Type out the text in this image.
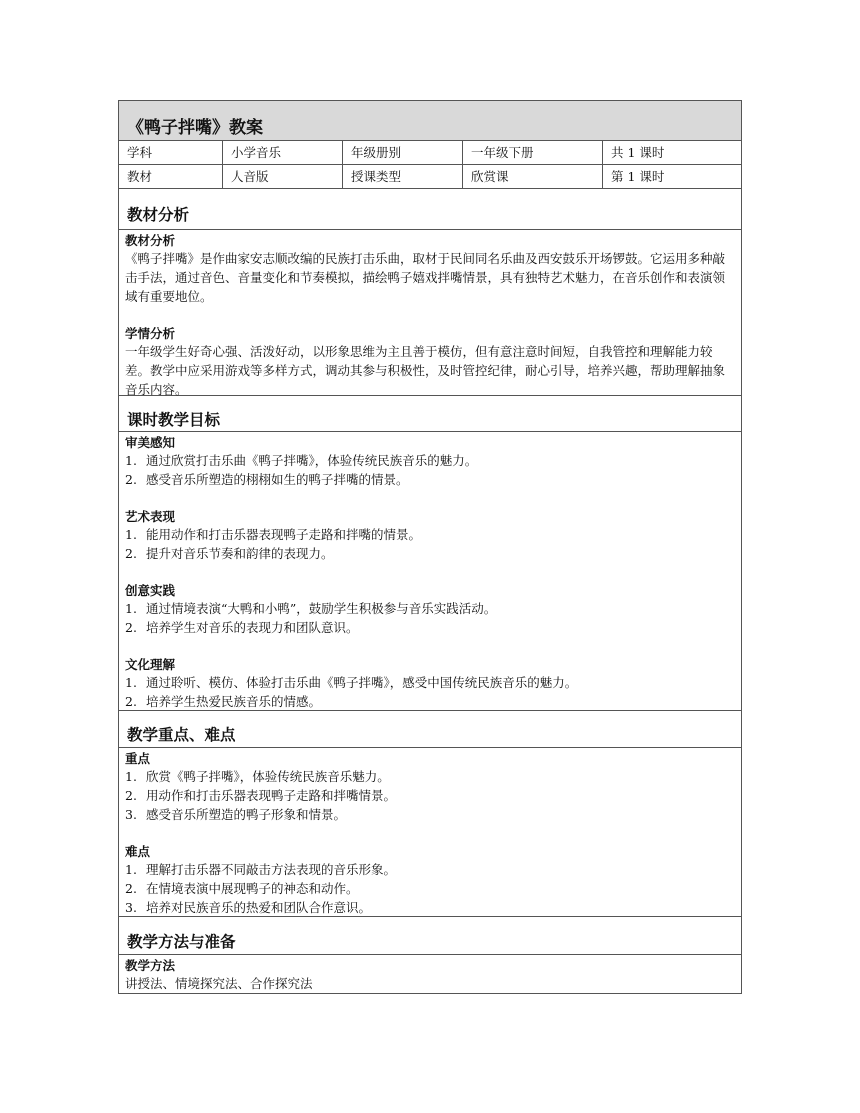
《鸭子拌嘴》教案
学科	小学音乐	年级册别	一年级下册	共 1 课时
教材	人音版	授课类型	欣赏课	第 1 课时
教材分析
教材分析

《鸭子拌嘴》是作曲家安志顺改编的民族打击乐曲，取材于民间同名乐曲及西安鼓乐开场锣鼓。它运用多种敲击手法，通过音色、音量变化和节奏模拟，描绘鸭子嬉戏拌嘴情景，具有独特艺术魅力，在音乐创作和表演领域有重要地位。

学情分析

一年级学生好奇心强、活泼好动，以形象思维为主且善于模仿，但有意注意时间短，自我管控和理解能力较差。教学中应采用游戏等多样方式，调动其参与积极性，及时管控纪律，耐心引导，培养兴趣，帮助理解抽象音乐内容。

课时教学目标
审美感知
1. 通过欣赏打击乐曲《鸭子拌嘴》，体验传统民族音乐的魅力。
2. 感受音乐所塑造的栩栩如生的鸭子拌嘴的情景。
艺术表现
1. 能用动作和打击乐器表现鸭子走路和拌嘴的情景。
2. 提升对音乐节奏和韵律的表现力。
创意实践
1. 通过情境表演“大鸭和小鸭”，鼓励学生积极参与音乐实践活动。
2. 培养学生对音乐的表现力和团队意识。
文化理解
1. 通过聆听、模仿、体验打击乐曲《鸭子拌嘴》，感受中国传统民族音乐的魅力。
2. 培养学生热爱民族音乐的情感。
教学重点、难点
重点
1. 欣赏《鸭子拌嘴》，体验传统民族音乐魅力。
2. 用动作和打击乐器表现鸭子走路和拌嘴情景。
3. 感受音乐所塑造的鸭子形象和情景。
难点
1. 理解打击乐器不同敲击方法表现的音乐形象。
2. 在情境表演中展现鸭子的神态和动作。
3. 培养对民族音乐的热爱和团队合作意识。
教学方法与准备
教学方法

讲授法、情境探究法、合作探究法
